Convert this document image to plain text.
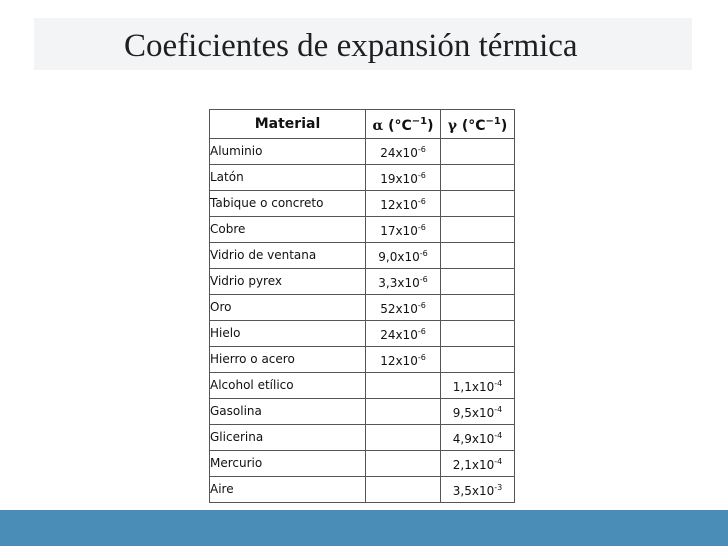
Coeficientes de expansión térmica
Material	α $(^\circ C^{-1})$	γ $(^\circ C^{-1})$
Aluminio	$24x10^{-6}$	
Latón	$19x10^{-6}$	
Tabique o concreto	$12x10^{-6}$	
Cobre	$17x10^{-6}$	
Vidrio de ventana	$9,0x10^{-6}$	
Vidrio pyrex	$3,3x10^{-6}$	
Oro	$52x10^{-6}$	
Hielo	$24x10^{-6}$	
Hierro o acero	$12x10^{-6}$	
Alcohol etílico		$1,1x10^{-4}$
Gasolina		$9,5x10^{-4}$
Glicerina		$4,9x10^{-4}$
Mercurio		$2,1x10^{-4}$
Aire		$3,5x10^{-3}$
